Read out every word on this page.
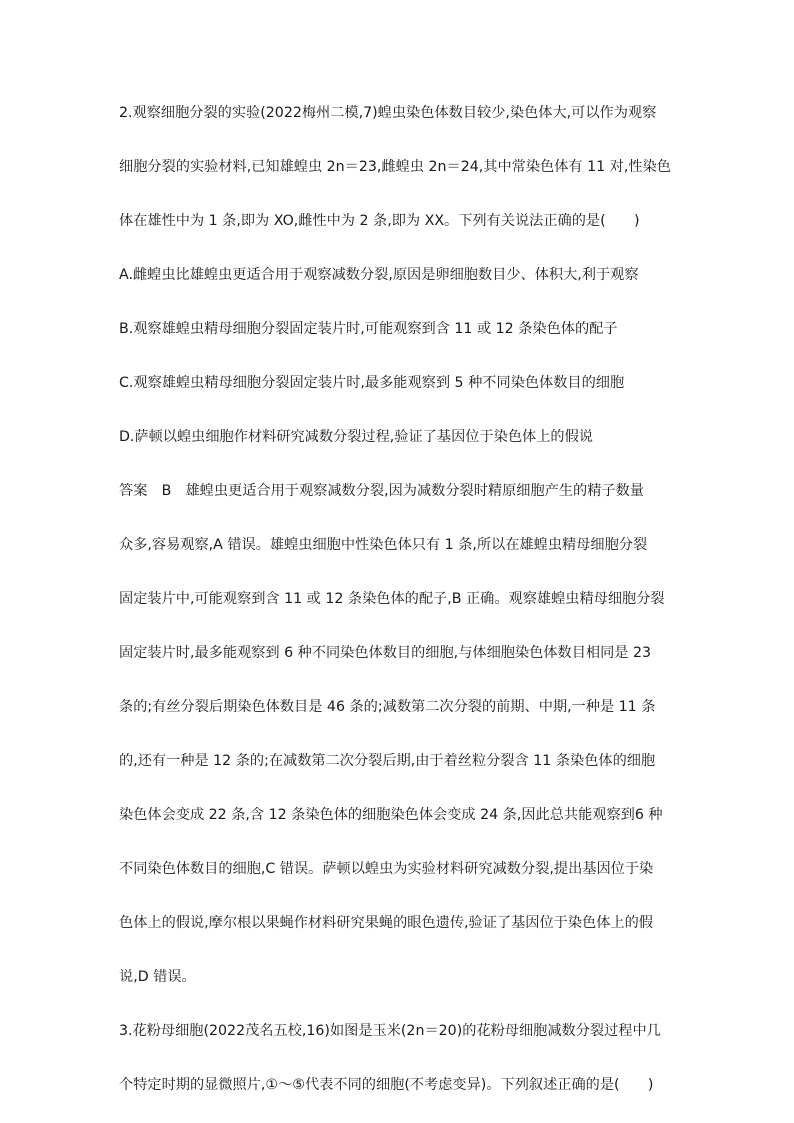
2.观察细胞分裂的实验(2022梅州二模,7)蝗虫染色体数目较少,染色体大,可以作为观察
细胞分裂的实验材料,已知雄蝗虫 2n＝23,雌蝗虫 2n＝24,其中常染色体有 11 对,性染色
体在雄性中为 1 条,即为 XO,雌性中为 2 条,即为 XX。下列有关说法正确的是(　　)
A.雌蝗虫比雄蝗虫更适合用于观察减数分裂,原因是卵细胞数目少、体积大,利于观察
B.观察雄蝗虫精母细胞分裂固定装片时,可能观察到含 11 或 12 条染色体的配子
C.观察雄蝗虫精母细胞分裂固定装片时,最多能观察到 5 种不同染色体数目的细胞
D.萨顿以蝗虫细胞作材料研究减数分裂过程,验证了基因位于染色体上的假说
答案　B　雄蝗虫更适合用于观察减数分裂,因为减数分裂时精原细胞产生的精子数量
众多,容易观察,A 错误。雄蝗虫细胞中性染色体只有 1 条,所以在雄蝗虫精母细胞分裂
固定装片中,可能观察到含 11 或 12 条染色体的配子,B 正确。观察雄蝗虫精母细胞分裂
固定装片时,最多能观察到 6 种不同染色体数目的细胞,与体细胞染色体数目相同是 23
条的;有丝分裂后期染色体数目是 46 条的;减数第二次分裂的前期、中期,一种是 11 条
的,还有一种是 12 条的;在减数第二次分裂后期,由于着丝粒分裂含 11 条染色体的细胞
染色体会变成 22 条,含 12 条染色体的细胞染色体会变成 24 条,因此总共能观察到6 种
不同染色体数目的细胞,C 错误。萨顿以蝗虫为实验材料研究减数分裂,提出基因位于染
色体上的假说,摩尔根以果蝇作材料研究果蝇的眼色遗传,验证了基因位于染色体上的假
说,D 错误。
3.花粉母细胞(2022茂名五校,16)如图是玉米(2n＝20)的花粉母细胞减数分裂过程中几
个特定时期的显微照片,①～⑤代表不同的细胞(不考虑变异)。下列叙述正确的是(　　)
